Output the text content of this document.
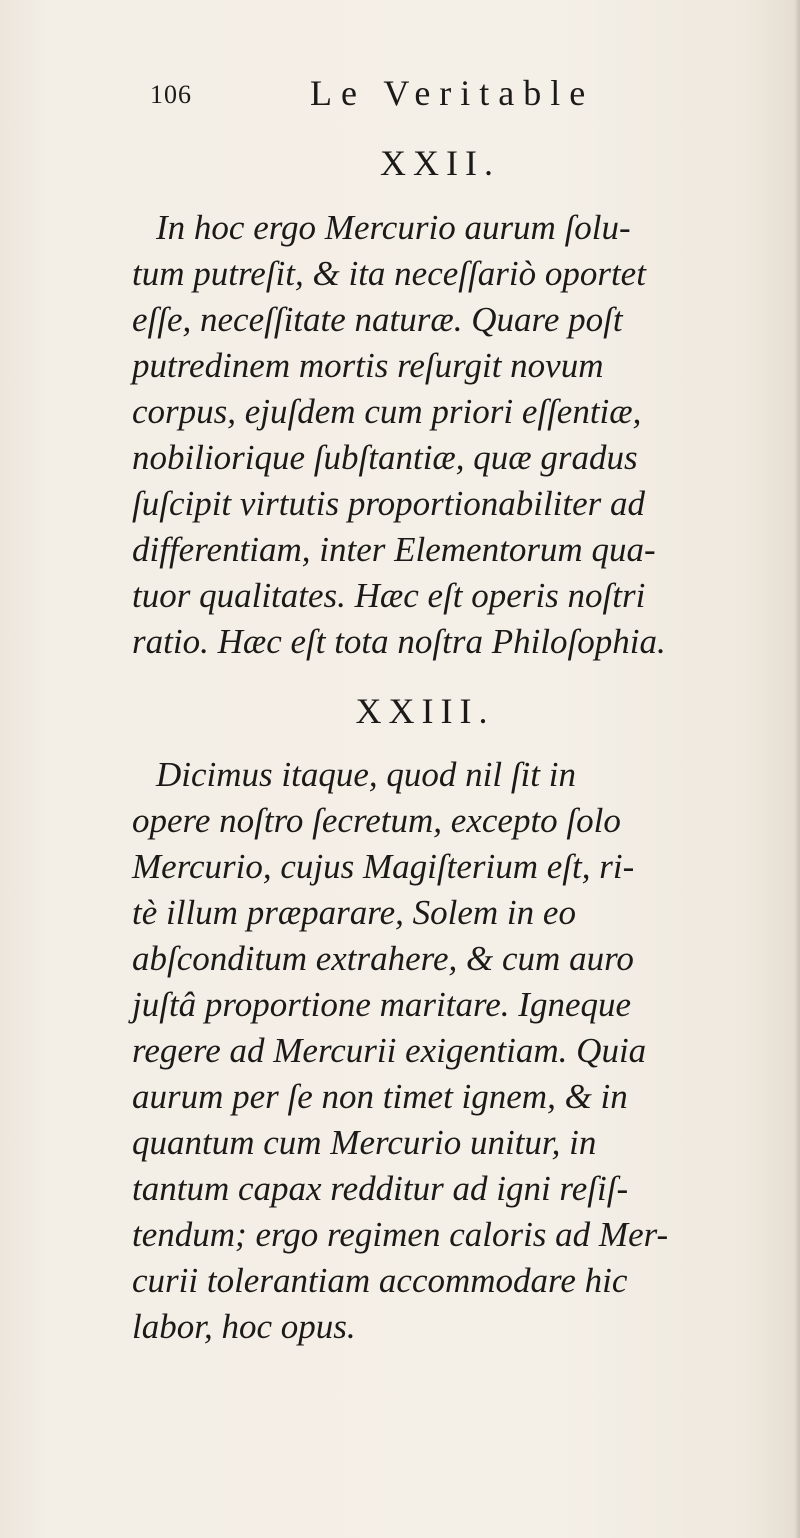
106	Le Veritable
XXII.
In hoc ergo Mercurio aurum ſolu-
tum putreſit, & ita neceſſariò oportet
eſſe, neceſſitate naturæ. Quare poſt
putredinem mortis reſurgit novum
corpus, ejuſdem cum priori eſſentiæ,
nobiliorique ſubſtantiæ, quæ gradus
ſuſcipit virtutis proportionabiliter ad
differentiam, inter Elementorum qua-
tuor qualitates. Hæc eſt operis noſtri
ratio. Hæc eſt tota noſtra Philoſophia.
XXIII.
Dicimus itaque, quod nil ſit in
opere noſtro ſecretum, excepto ſolo
Mercurio, cujus Magiſterium eſt, ri-
tè illum præparare, Solem in eo
abſconditum extrahere, & cum auro
juſtâ proportione maritare. Igneque
regere ad Mercurii exigentiam. Quia
aurum per ſe non timet ignem, & in
quantum cum Mercurio unitur, in
tantum capax redditur ad igni reſiſ-
tendum; ergo regimen caloris ad Mer-
curii tolerantiam accommodare hic
labor, hoc opus.
